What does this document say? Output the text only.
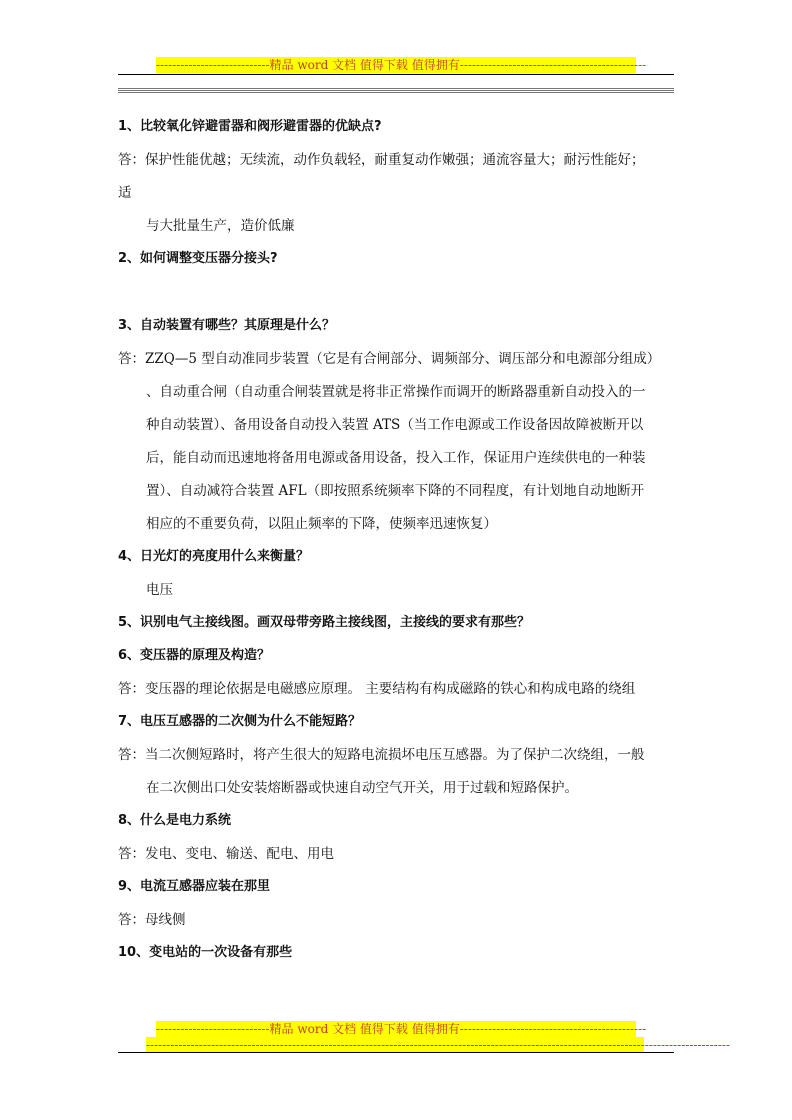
----------------------------精品 word 文档 值得下载 值得拥有----------------------------------------------
1、比较氧化锌避雷器和阀形避雷器的优缺点?
答：保护性能优越；无续流，动作负载轻，耐重复动作嫩强；通流容量大；耐污性能好；
适
与大批量生产，造价低廉
2、如何调整变压器分接头?
3、自动装置有哪些？其原理是什么？
答：ZZQ—5 型自动准同步装置（它是有合闸部分、调频部分、调压部分和电源部分组成）
、自动重合闸（自动重合闸装置就是将非正常操作而调开的断路器重新自动投入的一
种自动装置）、备用设备自动投入装置 ATS（当工作电源或工作设备因故障被断开以
后，能自动而迅速地将备用电源或备用设备，投入工作，保证用户连续供电的一种装
置）、自动减符合装置 AFL（即按照系统频率下降的不同程度，有计划地自动地断开
相应的不重要负荷，以阻止频率的下降，使频率迅速恢复）
4、日光灯的亮度用什么来衡量？
电压
5、识别电气主接线图。画双母带旁路主接线图，主接线的要求有那些？
6、变压器的原理及构造？
答：变压器的理论依据是电磁感应原理。 主要结构有构成磁路的铁心和构成电路的绕组
7、电压互感器的二次侧为什么不能短路？
答：当二次侧短路时，将产生很大的短路电流损坏电压互感器。为了保护二次绕组，一般
在二次侧出口处安装熔断器或快速自动空气开关，用于过载和短路保护。
8、什么是电力系统
答：发电、变电、输送、配电、用电
9、电流互感器应装在那里
答：母线侧
10、变电站的一次设备有那些
----------------------------精品 word 文档 值得下载 值得拥有----------------------------------------------
------------------------------------------------------------------------------------------------------------------------------------------------
